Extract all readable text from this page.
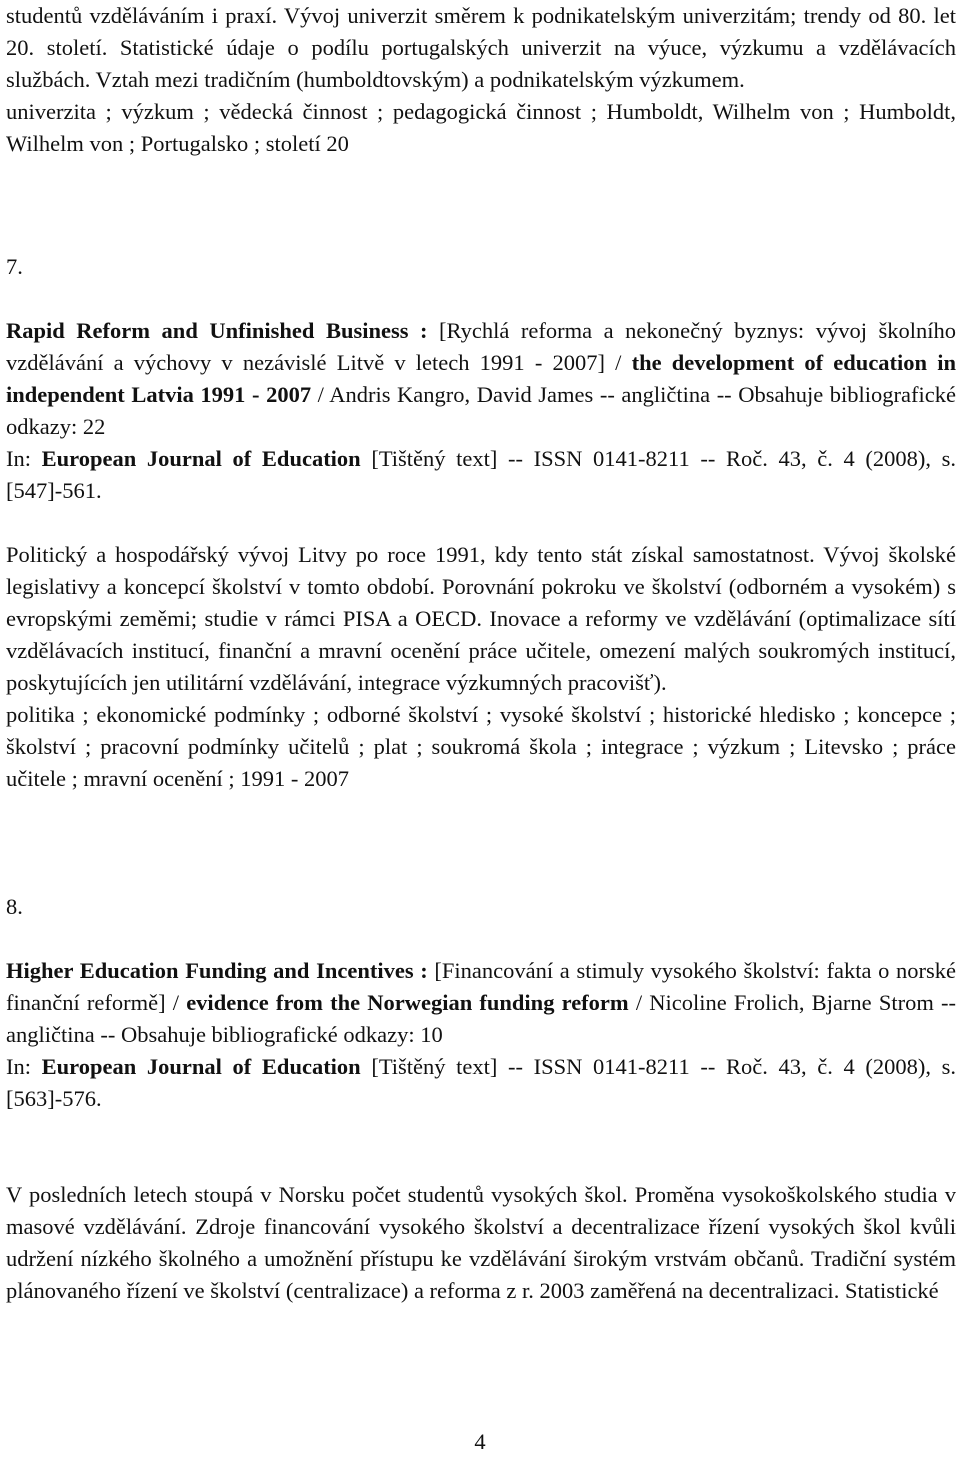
studentů vzděláváním i praxí. Vývoj univerzit směrem k podnikatelským univerzitám; trendy od 80. let 20. století. Statistické údaje o podílu portugalských univerzit na výuce, výzkumu a vzdělávacích službách. Vztah mezi tradičním (humboldtovským) a podnikatelským výzkumem.

univerzita ; výzkum ; vědecká činnost ; pedagogická činnost ; Humboldt, Wilhelm von ; Humboldt, Wilhelm von ; Portugalsko ; století 20

7.

Rapid Reform and Unfinished Business : [Rychlá reforma a nekonečný byznys: vývoj školního vzdělávání a výchovy v nezávislé Litvě v letech 1991 - 2007] / the development of education in independent Latvia 1991 - 2007 / Andris Kangro, David James -- angličtina -- Obsahuje bibliografické odkazy: 22

In: European Journal of Education [Tištěný text] -- ISSN 0141-8211 -- Roč. 43, č. 4 (2008), s. [547]-561.

Politický a hospodářský vývoj Litvy po roce 1991, kdy tento stát získal samostatnost. Vývoj školské legislativy a koncepcí školství v tomto období. Porovnání pokroku ve školství (odborném a vysokém) s evropskými zeměmi; studie v rámci PISA a OECD. Inovace a reformy ve vzdělávání (optimalizace sítí vzdělávacích institucí, finanční a mravní ocenění práce učitele, omezení malých soukromých institucí, poskytujících jen utilitární vzdělávání, integrace výzkumných pracovišť).

politika ; ekonomické podmínky ; odborné školství ; vysoké školství ; historické hledisko ; koncepce ; školství ; pracovní podmínky učitelů ; plat ; soukromá škola ; integrace ; výzkum ; Litevsko ; práce učitele ; mravní ocenění ; 1991 - 2007

8.

Higher Education Funding and Incentives : [Financování a stimuly vysokého školství: fakta o norské finanční reformě] / evidence from the Norwegian funding reform / Nicoline Frolich, Bjarne Strom -- angličtina -- Obsahuje bibliografické odkazy: 10

In: European Journal of Education [Tištěný text] -- ISSN 0141-8211 -- Roč. 43, č. 4 (2008), s. [563]-576.

V posledních letech stoupá v Norsku počet studentů vysokých škol. Proměna vysokoškolského studia v masové vzdělávání. Zdroje financování vysokého školství a decentralizace řízení vysokých škol kvůli udržení nízkého školného a umožnění přístupu ke vzdělávání širokým vrstvám občanů. Tradiční systém plánovaného řízení ve školství (centralizace) a reforma z r. 2003 zaměřená na decentralizaci. Statistické

4
